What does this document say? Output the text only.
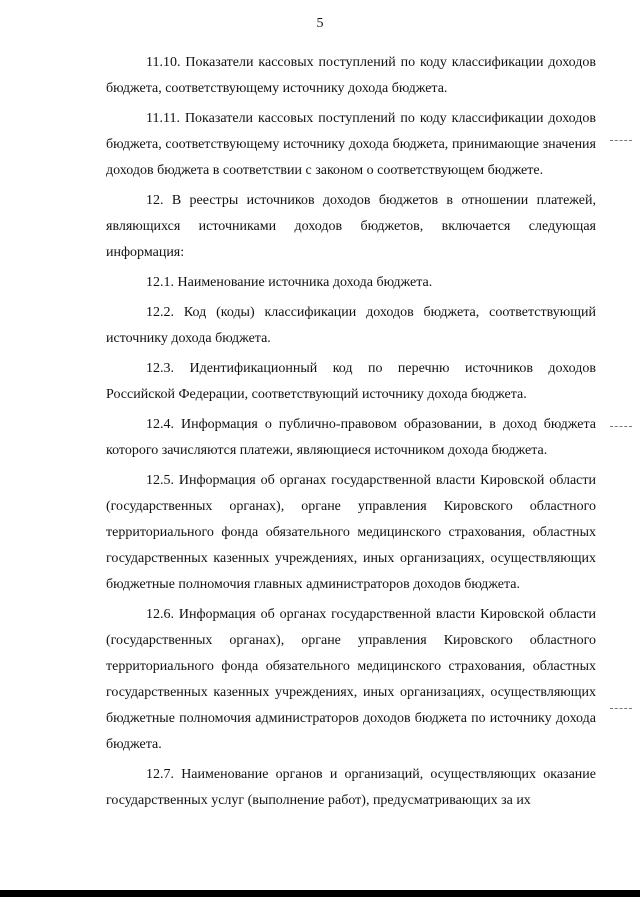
5

11.10. Показатели кассовых поступлений по коду классификации доходов бюджета, соответствующему источнику дохода бюджета.

11.11. Показатели кассовых поступлений по коду классификации доходов бюджета, соответствующему источнику дохода бюджета, принимающие значения доходов бюджета в соответствии с законом о соответствующем бюджете.

12. В реестры источников доходов бюджетов в отношении платежей, являющихся источниками доходов бюджетов, включается следующая информация:

12.1. Наименование источника дохода бюджета.

12.2. Код (коды) классификации доходов бюджета, соответствующий источнику дохода бюджета.

12.3. Идентификационный код по перечню источников доходов Российской Федерации, соответствующий источнику дохода бюджета.

12.4. Информация о публично-правовом образовании, в доход бюджета которого зачисляются платежи, являющиеся источником дохода бюджета.

12.5. Информация об органах государственной власти Кировской области (государственных органах), органе управления Кировского областного территориального фонда обязательного медицинского страхования, областных государственных казенных учреждениях, иных организациях, осуществляющих бюджетные полномочия главных администраторов доходов бюджета.

12.6. Информация об органах государственной власти Кировской области (государственных органах), органе управления Кировского областного территориального фонда обязательного медицинского страхования, областных государственных казенных учреждениях, иных организациях, осуществляющих бюджетные полномочия администраторов доходов бюджета по источнику дохода бюджета.

12.7. Наименование органов и организаций, осуществляющих оказание государственных услуг (выполнение работ), предусматривающих за их
